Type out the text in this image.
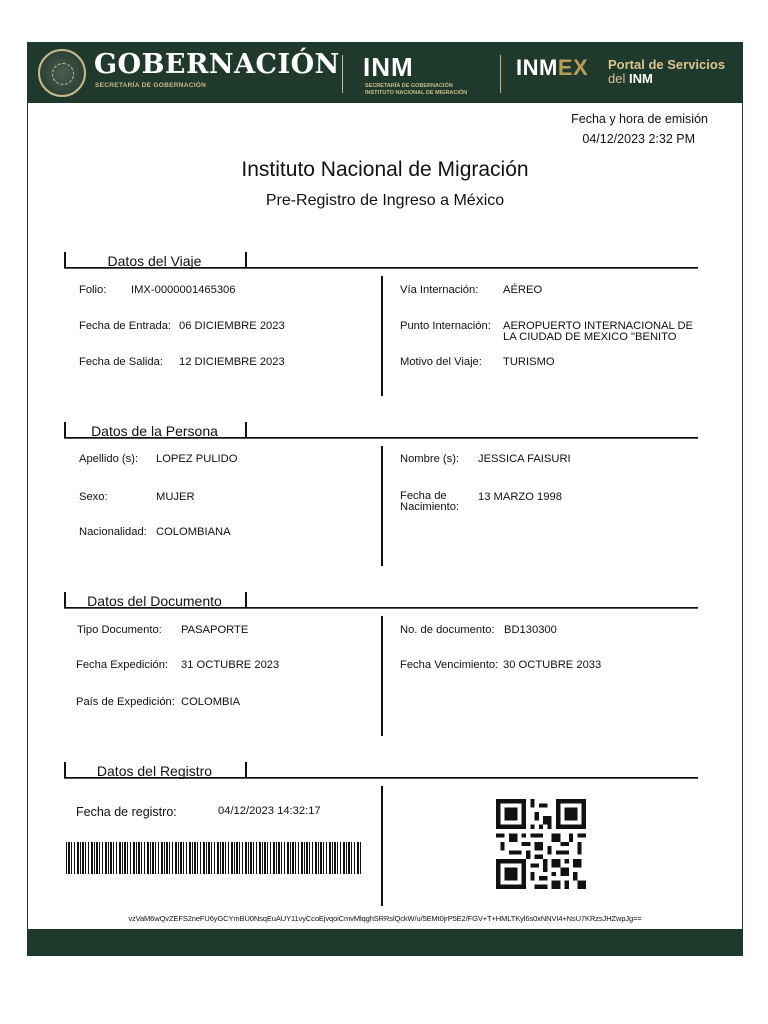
GOBERNACIÓN
SECRETARÍA DE GOBERNACIÓN
INM
SECRETARÍA DE GOBERNACIÓN
INSTITUTO NACIONAL DE MIGRACIÓN
INMEX Portal de Servicios
del INM
Fecha y hora de emisión
04/12/2023 2:32 PM
Instituto Nacional de Migración
Pre-Registro de Ingreso a México
Datos del Viaje
Folio: IMX-0000001465306
Fecha de Entrada: 06 DICIEMBRE 2023
Fecha de Salida: 12 DICIEMBRE 2023
Vía Internación: AÉREO
Punto Internación: AEROPUERTO INTERNACIONAL DE LA CIUDAD DE MEXICO "BENITO
Motivo del Viaje: TURISMO
Datos de la Persona
Apellido (s): LOPEZ PULIDO
Sexo:	MUJER
Nacionalidad: COLOMBIANA
Nombre (s): JESSICA FAISURI
Fecha de
Nacimiento:
13 MARZO 1998
Datos del Documento
Tipo Documento: PASAPORTE
Fecha Expedición: 31 OCTUBRE 2023
País de Expedición: COLOMBIA
No. de documento: BD130300
Fecha Vencimiento: 30 OCTUBRE 2033
Datos del Registro
Fecha de registro:	04/12/2023 14:32:17
vzVaM6wQvZEFS2neFU6yGCYmBU0NsqEuAUY11vyCcoEjvqoiCmvMlqghSRRslQckW/u/5EMt0jrP5E2/FGV+T+HMLTKyl6s0xNNVI4+NsU7KRzsJHZwpJg==
